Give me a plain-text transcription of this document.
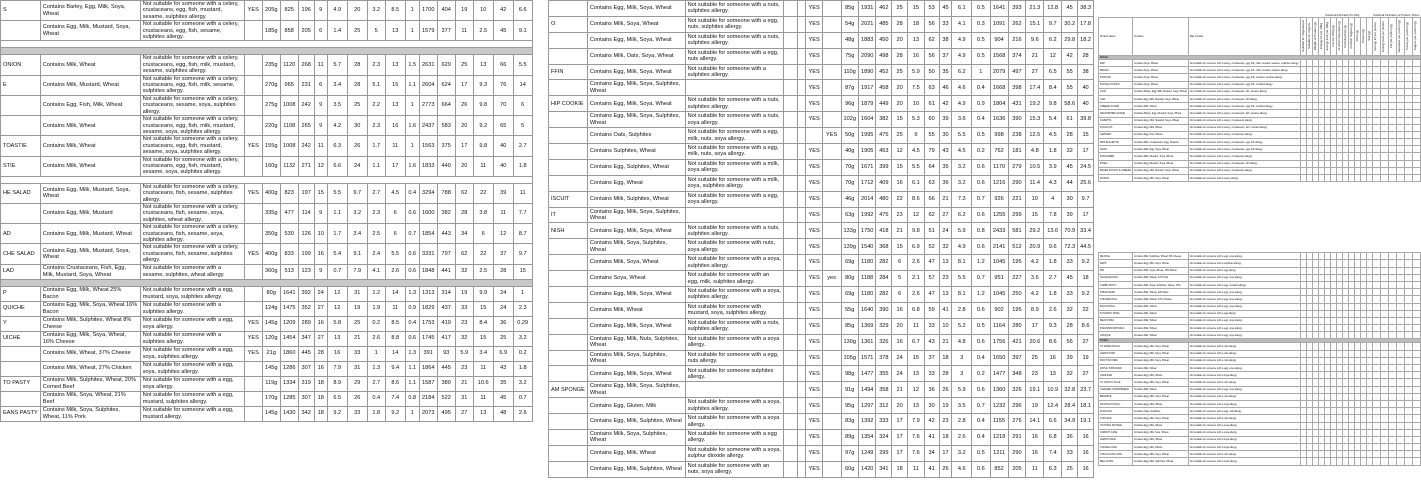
S	Contains Barley, Egg, Milk, Soya, Wheat	Not suitable for someone with a celery, crustaceans, egg, fish, mustard, sesame, sulphites allergy.	YES	205g	825	196	9	4.9	20	3.2	8.5	1	1700	404	19	10	42	6.6
	Contains Egg, Milk, Mustard, Soya, Wheat	Not suitable for someone with a celery, crustaceans, egg, fish, sesame, sulphites allergy.		185g	858	205	6	1.4	25	5	13	1	1579	377	11	2.5	45	9.1

ONION	Contains Milk, Wheat	Not suitable for someone with a celery, crustaceans, egg, fish, milk, mustard, sesame, sulphites allergy.		235g	1120	268	11	5.7	28	2.3	13	1.5	2631	629	25	13	66	5.5
E	Contains Milk, Mustard, Wheat	Not suitable for someone with a celery, crustaceans, egg, fish, milk, sesame, sulphites allergy.		270g	965	231	6	3.4	28	5.1	15	1.1	2604	624	17	9.3	76	14
	Contains Egg, Fish, Milk, Wheat	Not suitable for someone with a celery, crustaceans, sesame, soya, sulphites allergy.		275g	1008	242	9	3.5	25	2.2	13	1	2773	664	26	9.8	70	6
	Contains Milk, Wheat	Not suitable for someone with a celery, crustaceans, egg, fish, milk, mustard, sesame, soya, sulphites allergy.		220g	1108	265	9	4.2	30	2.3	16	1.6	2437	583	20	9.2	65	5
TOASTIE	Contains Milk, Wheat	Not suitable for someone with a celery, crustaceans, egg, fish, mustard, sesame, soya, sulphites allergy.	YES	155g	1008	242	11	6.3	26	1.7	11	1	1563	375	17	9.8	40	2.7
STIE	Contains Milk, Wheat	Not suitable for someone with a celery, crustaceans, egg, fish, mustard, sesame, soya, sulphites allergy.		160g	1132	271	12	6.6	24	1.1	17	1.6	1833	440	20	11	40	1.8

HE SALAD	Contains Egg, Milk, Mustard, Soya, Wheat	Not suitable for someone with a celery, crustaceans, fish, sesame, sulphites allergy.	YES	400g	823	197	15	5.5	9.7	2.7	4.5	0.4	3294	788	62	22	39	11
	Contains Egg, Milk, Mustard	Not suitable for someone with a celery, crustaceans, fish, sesame, soya, sulphites, wheat allergy.		335g	477	114	9	1.1	3.2	2.3	6	0.6	1600	382	28	3.8	11	7.7
AD	Contains Egg, Milk, Mustard, Wheat	Not suitable for someone with a celery, crustaceans, fish, sesame, soya, sulphites allergy.		350g	530	126	10	1.7	3.4	2.5	6	0.7	1854	443	34	6	12	8.7
CHE SALAD	Contains Egg, Milk, Mustard, Soya, Wheat	Not suitable for someone with a celery, crustaceans, fish, sesame, sulphites allergy.	YES	400g	833	199	16	5.4	9.1	2.4	5.5	0.6	3331	797	62	22	37	9.7
LAD	Contains Crustaceans, Fish, Egg, Milk, Mustard, Soya, Wheat	Not suitable for someone with a sesame, sulphites, wheat allergy.		360g	513	123	9	0.7	7.9	4.1	2.6	0.6	1848	441	32	2.5	28	15

P	Contains Egg, Milk, Wheat 25% Bacon	Not suitable for someone with a egg, mustard, soya, sulphites allergy.		80g	1641	392	24	12	31	1.2	14	1.3	1313	314	19	9.9	24	1
QUICHE	Contains Egg, Milk, Soya, Wheat 16% Bacon	Not suitable for someone with a sulphites allergy.		124g	1475	352	27	12	19	1.9	11	0.9	1829	437	33	15	24	2.3
Y	Contains Milk, Sulphites, Wheat 8% Cheese	Not suitable for someone with a egg, soya allergy.	YES	145g	1209	289	16	5.8	25	0.2	8.5	0.4	1753	419	23	8.4	36	0.29
UICHE	Contains Egg, Milk, Soya, Wheat, 16% Cheese	Not suitable for someone with a sulphites allergy.	YES	120g	1454	347	27	13	21	2.6	8.8	0.6	1745	417	32	15	25	3.2
	Contains Milk, Wheat, 37% Cheese	Not suitable for someone with a egg, soya, sulphites allergy.	YES	21g	1860	445	28	16	33	1	14	1.3	391	93	5.9	3.4	6.9	0.2
	Contains Milk, Wheat, 27% Chicken	Not suitable for someone with a egg, soya, sulphites allergy.		145g	1286	307	16	7.9	31	1.3	9.4	1.1	1864	445	23	11	43	1.8
TO PASTY	Contains Milk, Sulphites, Wheat, 20% Corned Beef	Not suitable for someone with a egg, soya allergy.		119g	1334	319	18	8.9	29	2.7	8.6	1.1	1587	380	21	10.6	35	3.2
	Contains Milk, Soya, Wheat, 21% Beef	Not suitable for someone with a egg, mustard, sulphites allergy.		170g	1285	307	18	6.5	26	0.4	7.4	0.8	2184	522	31	11	45	0.7
EANS PASTY	Contains Milk, Soya, Sulphites, Wheat, 11% Pork	Not suitable for someone with a egg, mustard allergy.		145g	1430	342	18	9.2	33	1.8	9.2	1	2073	495	27	13	48	2.6
	Contains Egg, Milk, Soya, Wheat	Not suitable for someone with a nuts, sulphites allergy.			YES		85g	1931	462	25	15	53	45	6.1	0.5	1641	393	21.3	12.8	45	38.3
O	Contains Milk, Soya, Wheat	Not suitable for someone with a egg, nuts, sulphites allergy.			YES		54g	2021	485	28	18	56	33	4.1	0.3	1091	262	15.1	9.7	30.2	17.8
	Contains Egg, Milk, Soya, Wheat	Not suitable for someone with a nuts, sulphites allergy.			YES		48g	1883	450	20	13	62	38	4.9	0.5	904	216	9.6	6.2	29.8	18.2
	Contains Milk, Oats, Soya, Wheat	Not suitable for someone with a egg, nuts allergy.			YES		75g	2090	498	28	16	56	37	4.9	0.5	1568	374	21	12	42	28
FFIN	Contains Egg, Milk, Soya, Wheat	Not suitable for someone with a sulphites allergy.			YES		110g	1890	452	25	5.9	50	35	6.2	1	2079	497	27	6.5	55	38
	Contains Egg, Milk, Soya, Sulphites, Wheat				YES		87g	1917	458	20	7.5	63	46	4.6	0.4	1668	398	17.4	8.4	55	40
HIP COOKIE	Contains Egg, Milk, Soya, Wheat	Not suitable for someone with a nuts, sulphites allergy.			YES		96g	1879	449	20	10	61	42	4.9	0.9	1804	431	19.2	9.8	58.6	40
	Contains Egg, Milk, Soya, Sulphites, Wheat	Not suitable for someone with a nuts, soya allergy.			YES		102g	1604	382	15	5.3	60	39	3.6	0.4	1636	390	15.3	5.4	61	39.8
	Contains Oats, Sulphites	Not suitable for someone with a egg, milk, nuts, soya allergy.				YES	50g	1995	475	25	9	55	30	5.5	0.5	998	238	12.5	4.5	28	15
	Contains Sulphites, Wheat	Not suitable for someone with a egg, milk, nuts, soya allergy.			YES		40g	1905	453	12	4.5	79	43	4.5	0.2	762	181	4.8	1.8	32	17
	Contains Egg, Sulphites, Wheat	Not suitable for someone with a milk, soya allergy.			YES		70g	1671	399	15	5.5	64	35	3.2	0.6	1170	279	10.5	3.9	45	24.5
	Contains Egg, Wheat	Not suitable for someone with a milk, soya, sulphites allergy.			YES		70g	1712	409	16	6.1	63	36	3.2	0.6	1216	290	11.4	4.3	44	25.6
ISCUIT	Contains Milk, Sulphites, Wheat	Not suitable for someone with a egg, soya allergy.			YES		46g	2014	480	22	8.6	66	21	7.3	0.7	926	221	10	4	30	9.7
IT	Contains Egg, Milk, Soya, Sulphites, Wheat				YES		63g	1992	475	23	12	62	27	6.2	0.6	1255	299	15	7.8	39	17
NISH	Contains Egg, Milk, Soya, Wheat	Not suitable for someone with a nuts, sulphites allergy.			YES		133g	1750	418	21	9.8	51	24	5.9	0.8	2433	581	29.2	13.6	70.9	33.4
	Contains Milk, Soya, Sulphites, Wheat	Not suitable for someone with nuts, soya allergy.			YES		139g	1540	368	15	6.9	52	32	4.9	0.6	2141	512	20.9	9.6	72.3	44.5
	Contains Milk, Soya, Wheat	Not suitable for someone with a soya, sulphites allergy.			YES		69g	1180	282	6	2.6	47	13	8.1	1.2	1045	195	4.2	1.8	33	9.2
	Contains Soya, Wheat	Not suitable for someone with an egg, milk, sulphites allergy.			YES	yes	80g	1188	284	5	2.1	57	23	5.5	0.7	951	227	3.6	2.7	45	18
	Contains Egg, Milk, Soya, Wheat	Not suitable for someone with a soya, sulphites allergy.			YES		69g	1180	282	6	2.6	47	13	8.1	1.2	1045	250	4.2	1.8	33	9.2
	Contains Milk, Wheat	Not suitable for someone with mustard, soya, sulphites allergy.			YES		55g	1640	390	16	6.8	59	41	2.8	0.6	902	195	8.9	2.6	32	22
	Contains Egg, Milk, Soya, Wheat	Not suitable for someone with a nuts, sulphites allergy.			YES		85g	1369	329	20	11	33	10	5.2	0.5	1164	280	17	9.3	28	8.6
	Contains Egg, Milk, Nuts, Sulphites, Wheat	Not suitable for someone with a soya allergy.			YES		130g	1361	326	16	6.7	43	21	4.8	0.6	1756	421	20.6	8.6	56	27
	Contains Milk, Soya, Sulphites, Wheat	Not suitable for someone with a egg, nuts allergy.			YES		105g	1571	378	24	15	37	18	3	0.4	1650	397	25	16	39	19
	Contains Egg, Milk, Soya, Wheat	Not suitable for someone sulphites allergy.			YES		98g	1477	355	24	13	33	28	3	0.2	1477	348	23	13	32	27
AM SPONGE	Contains Egg, Milk, Soya, Sulphites, Wheat				YES		91g	1494	358	21	12	36	26	5.9	0.6	1360	326	19.1	10.9	32.8	23.7
	Contains Egg, Gluten, Milk	Not suitable for someone with a soya, sulphites allergy.			YES		95g	1297	312	20	13	30	19	3.5	0.7	1232	296	19	12.4	28.4	18.1
	Contains Egg, Milk, Sulphites, Wheat	Not suitable for someone with a soya allergy.			YES		83g	1392	333	17	7.9	42	23	2.8	0.4	1155	276	14.1	6.6	34.9	19.1
	Contains Milk, Soya, Sulphites, Wheat	Not suitable for someone with a egg allergy.			YES		89g	1354	324	17	7.6	41	18	2.6	0.4	1218	291	16	6.8	36	16
	Contains Egg, Milk, Wheat	Not suitable for someone with a soya, sulphur dioxide allergy.			YES		97g	1249	299	17	7.6	34	17	3.2	0.5	1211	290	16	7.4	33	16
	Contains Egg, Milk, Sulphites, Wheat	Not suitable for someone with an nuts, soya allergy.			YES		60g	1420	341	18	11	41	26	4.6	0.6	852	205	11	6.3	25	16
					Nutritional Information Per 100g										Nutritional Information per Product / Portion					
Product Name	Contains	May Contain	Suitable for Vegetarians	Suitable for Vegans	Weight of Product (g)	Energy kJ per 100g	Energy kcal per 100g	Fat per 100g (g)	of which Saturates (g)	Carbohydrate (g)	of which Sugars (g)	Fibre (g)	Protein (g)	Salt (g)	Energy kJ per portion	Energy kcal per portion	Fat per portion (g)	Saturates per portion (g)	Carbs per portion (g)	Sugars per portion (g)
BREAD																				
BAP	Contains Soya, Wheat	Not suitable for someone with a celery, crustaceans, egg, fish, milk, mustard, sesame, sulphites allergy.																		
BRUNO	Contains Soya, Wheat	Not suitable for someone with a celery, crustaceans, egg, fish, milk, mustard, sesame allergy.																		
B PASTIE	Contains Soya, Wheat	Not suitable for someone with a celery, crustaceans, egg, fish, mustard, sesame allergy.																		
B ROLE CHUNKS	Contains Soya, Wheat	Not suitable for someone with a celery, crustaceans, egg, fish, mustard allergy.																		
LOAF	Contains Barley, Egg, Milk, Mustard, Soya, Wheat	Not suitable for someone with a celery, crustaceans, fish, sesame allergy.																		
CAR	Contains Egg, Milk, Mustard, Soya, Wheat	Not suitable for someone with a celery, crustaceans, fish allergy.																		
CHEESE SCONE	Contains Milk, Wheat	Not suitable for someone with a celery, crustaceans, egg, fish, mustard allergy.																		
DEVONSHIRE SCONE	Contains Barley, Egg, Mustard, Soya, Wheat	Not suitable for someone with a celery, crustaceans, fish, sesame allergy.																		
CIABATTA	Contains Egg, Milk, Mustard, Soya, Wheat	Not suitable for someone with a celery, crustaceans allergy.																		
FOCACCIA	Contains Egg, Milk, Wheat	Not suitable for someone with a celery, crustaceans, fish, mustard allergy.																		
GRANARY	Contains Egg, Fish, Wheat	Not suitable for someone with a celery, crustaceans allergy.																		
MINI BAGUETTE	Contains Milk, Crustaceans, Egg, Mustard	Not suitable for someone with a celery, crustaceans, egg, fish allergy.																		
NAAN	Contains Milk, Egg, Soya, Wheat	Not suitable for someone with a celery, crustaceans, egg, fish allergy.																		
B BLOOMER	Contains Milk, Mustard, Soya, Wheat	Not suitable for someone with a celery, crustaceans allergy.																		
B DELI	Contains Egg, Mustard, Soya, Wheat	Not suitable for someone with a celery, crustaceans, fish allergy.																		
BAKED POTATO & CHEESE	Contains Egg, Milk, Mustard, Soya, Wheat	Not suitable for someone with a celery, crustaceans allergy.																		
MUFFIN	Contains Egg, Milk, Soya, Wheat	Not suitable for someone with a celery allergy.																		

ME ROLL	Contains Milk, Sulphites, Wheat, 8% Cheese	Not suitable for someone with a egg, soya allergy.																		
BAPS	Contains Egg, Milk, Soya, Wheat	Not suitable for someone with a sulphites allergy.																		
PIE	Contains Milk, Soya, Wheat, 16% Bacon	Not suitable for someone with a egg allergy.																		
SAUSAGE ROLL	Contains Milk, Wheat, 27% Pork	Not suitable for someone with a egg, soya allergy.																		
JUMBO PASTY	Contains Milk, Soya, Sulphites, Wheat, 15%	Not suitable for someone with a egg, mustard allergy.																		
STEAK BAKE	Contains Milk, Wheat, 20% Beef	Not suitable for someone with a egg, soya allergy.																		
CHICKEN ROLL	Contains Milk, Wheat, 27% Chicken	Not suitable for someone with a egg, soya allergy.																		
BACON ROLL	Contains Milk, Wheat	Not suitable for someone with a egg, soya allergy.																		
B TOMATO PIZZA	Contains Milk, Wheat	Not suitable for someone with a egg allergy.																		
BEAN PIZZA	Contains Milk, Wheat	Not suitable for someone with a egg, soya allergy.																		
B MUSHROOM PIZZA	Contains Milk, Wheat	Not suitable for someone with a egg, soya allergy.																		
CROQUE	Contains Milk, Wheat	Not suitable for someone with a egg, soya allergy.																		
SWEET																				
TO MIXED ROLLS	Contains Egg, Milk, Soya, Wheat	Not suitable for someone with a nuts allergy.																		
LEMON TART	Contains Egg, Milk, Soya, Wheat	Not suitable for someone with a nuts allergy.																		
FRUIT SCONES	Contains Egg, Milk, Soya, Wheat	Not suitable for someone with a nuts allergy.																		
APPLE TURNOVER	Contains Milk, Wheat	Not suitable for someone with a egg, soya allergy.																		
CAKE BAR	Contains Egg, Milk, Wheat	Not suitable for someone with a soya allergy.																		
TO CHOCO SLICE	Contains Egg, Milk, Soya, Wheat	Not suitable for someone with a nuts allergy.																		
CARAMEL SHORTBREAD	Contains Milk, Wheat	Not suitable for someone with a egg, soya allergy.																		
BROWNIE	Contains Egg, Milk, Soya, Wheat	Not suitable for someone with a nuts allergy.																		
JB DONUTS ROLL	Contains Egg, Milk, Wheat	Not suitable for someone with a soya allergy.																		
FLAPJACK	Contains Oats, Sulphites	Not suitable for someone with a egg, milk allergy.																		
CUPCAKE	Contains Egg, Milk, Soya, Wheat	Not suitable for someone with a nuts allergy.																		
VICTORIA SPONGE	Contains Egg, Milk, Wheat	Not suitable for someone with a soya allergy.																		
CARROT CAKE	Contains Egg, Milk, Nuts, Wheat	Not suitable for someone with a soya allergy.																		
LEMON CAKE	Contains Egg, Milk, Wheat	Not suitable for someone with a soya allergy.																		
COFFEE CAKE	Contains Egg, Milk, Wheat	Not suitable for someone with a soya allergy.																		
CHOCOLATE CAKE	Contains Egg, Milk, Soya, Wheat	Not suitable for someone with a nuts allergy.																		
BELL BUNS	Contains Egg, Milk, Sulphites, Wheat	Not suitable for someone with a soya allergy.																		
